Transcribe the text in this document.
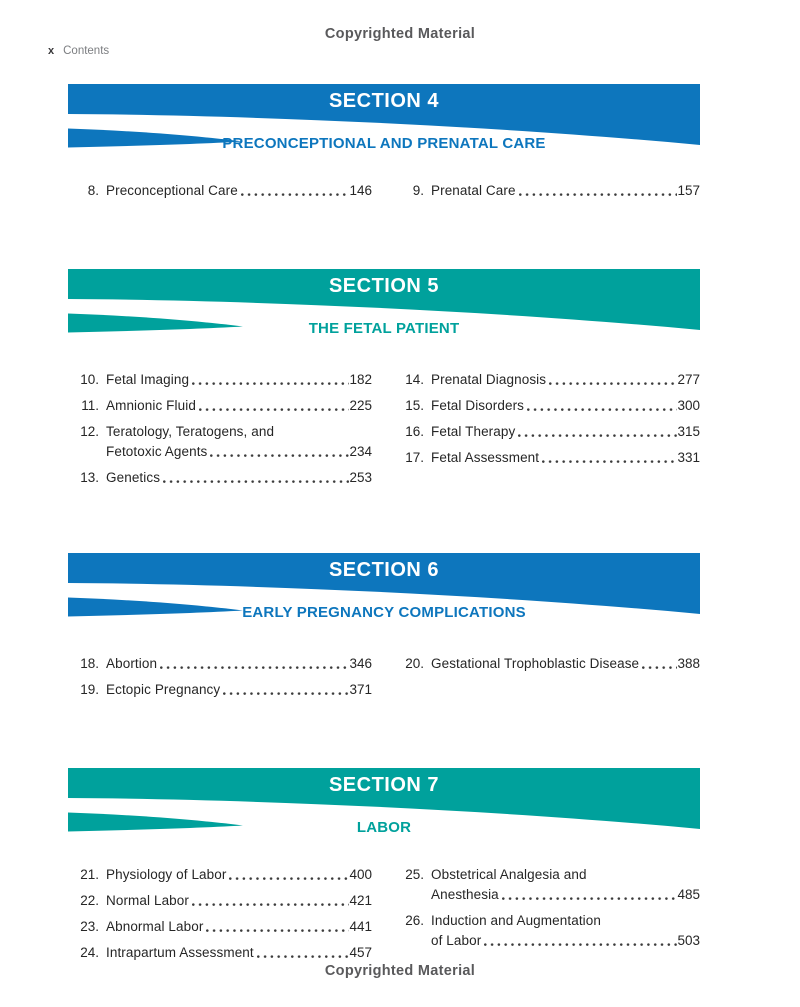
Copyrighted Material
x Contents
SECTION 4
PRECONCEPTIONAL AND PRENATAL CARE
8. Preconceptional Care	146	9. Prenatal Care	157
SECTION 5
THE FETAL PATIENT
10. Fetal Imaging	182
11. Amnionic Fluid	225
12. Teratology, Teratogens, and
Fetotoxic Agents	234
13. Genetics	253
14. Prenatal Diagnosis	277
15. Fetal Disorders	300
16. Fetal Therapy	315
17. Fetal Assessment	331
SECTION 6
EARLY PREGNANCY COMPLICATIONS
18. Abortion	346
19. Ectopic Pregnancy	371
20. Gestational Trophoblastic Disease	388
SECTION 7
LABOR
21. Physiology of Labor	400
22. Normal Labor	421
23. Abnormal Labor	441
24. Intrapartum Assessment	457
25. Obstetrical Analgesia and
Anesthesia	485
26. Induction and Augmentation
of Labor	503
Copyrighted Material
